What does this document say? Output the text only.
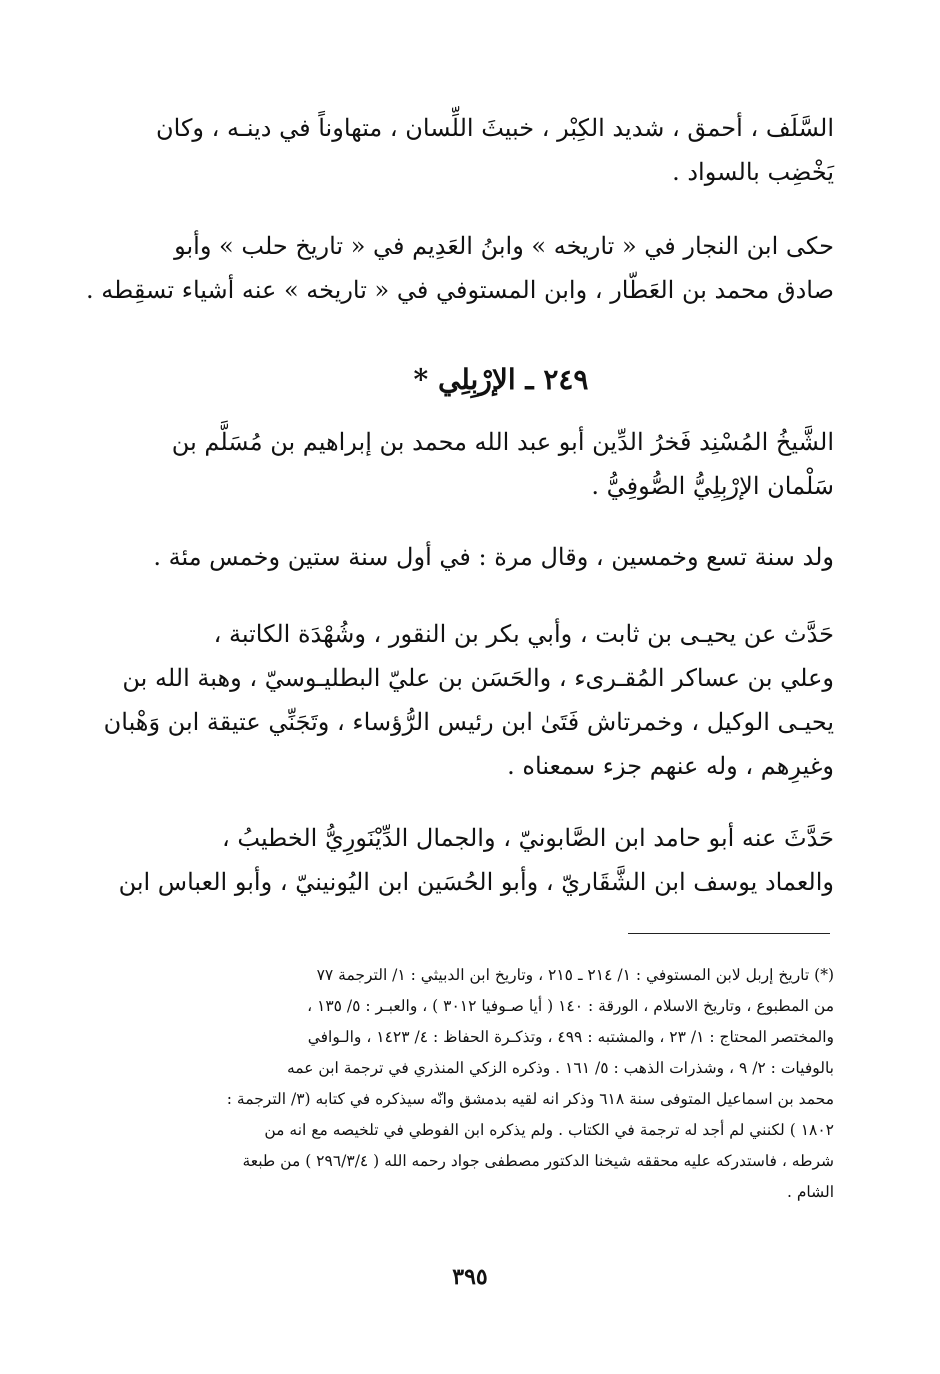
السَّلَف ، أحمق ، شديد الكِبْر ، خبيثَ اللِّسان ، متهاوناً في دينـه ، وكان
يَخْضِب بالسواد .

حكى ابن النجار في « تاريخه » وابنُ العَدِيم في « تاريخ حلب » وأبو
صادق محمد بن العَطّار ، وابن المستوفي في « تاريخه » عنه أشياء تسقِطه .

٢٤٩ ـ الإرْبِلِي *

الشَّيخُ المُسْنِد فَخرُ الدِّين أبو عبد الله محمد بن إبراهيم بن مُسَلَّم بن
سَلْمان الإرْبِلِيُّ الصُّوفِيُّ .

ولد سنة تسع وخمسين ، وقال مرة : في أول سنة ستين وخمس مئة .

حَدَّث عن يحيـى بن ثابت ، وأبي بكر بن النقور ، وشُهْدَة الكاتبة ،
وعلي بن عساكر المُقـرىء ، والحَسَن بن عليّ البطليـوسيّ ، وهبة الله بن
يحيـى الوكيل ، وخمرتاش فَتَىٰ ابن رئيس الرُّؤساء ، وتَجَنِّي عتيقة ابن وَهْبان
وغيرِهم ، وله عنهم جزء سمعناه .

حَدَّثَ عنه أبو حامد ابن الصَّابونيّ ، والجمال الدِّيْنَورِيُّ الخطيبُ ،
والعماد يوسف ابن الشَّقَاريّ ، وأبو الحُسَين ابن اليُونينيّ ، وأبو العباس ابن

(*) تاريخ إربل لابن المستوفي : ١/ ٢١٤ ـ ٢١٥ ، وتاريخ ابن الدبيثي : ١/ الترجمة ٧٧
من المطبوع ، وتاريخ الاسلام ، الورقة : ١٤٠ ( أيا صـوفيا ٣٠١٢ ) ، والعبـر : ٥/ ١٣٥ ،
والمختصر المحتاج : ١/ ٢٣ ، والمشتبه : ٤٩٩ ، وتذكـرة الحفاظ : ٤/ ١٤٢٣ ، والـوافي
بالوفيات : ٢/ ٩ ، وشذرات الذهب : ٥/ ١٦١ . وذكره الزكي المنذري في ترجمة ابن عمه
محمد بن اسماعيل المتوفى سنة ٦١٨ وذكر انه لقيه بدمشق وانّه سيذكره في كتابه (٣/ الترجمة :
١٨٠٢ ) لكنني لم أجد له ترجمة في الكتاب . ولم يذكره ابن الفوطي في تلخيصه مع انه من
شرطه ، فاستدركه عليه محققه شيخنا الدكتور مصطفى جواد رحمه الله ( ٢٩٦/٣/٤ ) من طبعة
الشام .

٣٩٥
